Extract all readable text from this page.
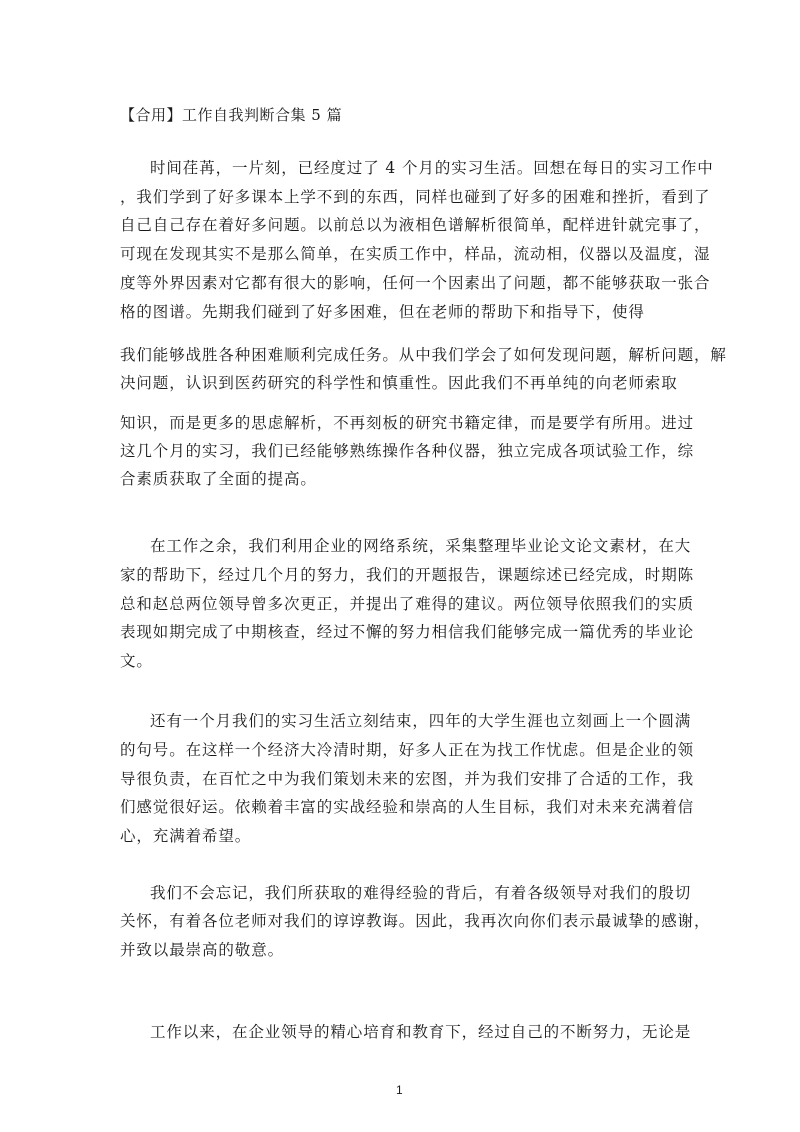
【合用】工作自我判断合集 5 篇
时间荏苒，一片刻，已经度过了 4 个月的实习生活。回想在每日的实习工作中
，我们学到了好多课本上学不到的东西，同样也碰到了好多的困难和挫折，看到了
自己自己存在着好多问题。以前总以为液相色谱解析很简单，配样进针就完事了，
可现在发现其实不是那么简单，在实质工作中，样品，流动相，仪器以及温度，湿
度等外界因素对它都有很大的影响，任何一个因素出了问题，都不能够获取一张合
格的图谱。先期我们碰到了好多困难，但在老师的帮助下和指导下，使得
我们能够战胜各种困难顺利完成任务。从中我们学会了如何发现问题，解析问题，解
决问题，认识到医药研究的科学性和慎重性。因此我们不再单纯的向老师索取
知识，而是更多的思虑解析，不再刻板的研究书籍定律，而是要学有所用。进过
这几个月的实习，我们已经能够熟练操作各种仪器，独立完成各项试验工作，综
合素质获取了全面的提高。
在工作之余，我们利用企业的网络系统，采集整理毕业论文论文素材，在大
家的帮助下，经过几个月的努力，我们的开题报告，课题综述已经完成，时期陈
总和赵总两位领导曾多次更正，并提出了难得的建议。两位领导依照我们的实质
表现如期完成了中期核查，经过不懈的努力相信我们能够完成一篇优秀的毕业论
文。
还有一个月我们的实习生活立刻结束，四年的大学生涯也立刻画上一个圆满
的句号。在这样一个经济大冷清时期，好多人正在为找工作忧虑。但是企业的领
导很负责，在百忙之中为我们策划未来的宏图，并为我们安排了合适的工作，我
们感觉很好运。依赖着丰富的实战经验和崇高的人生目标，我们对未来充满着信
心，充满着希望。
我们不会忘记，我们所获取的难得经验的背后，有着各级领导对我们的殷切
关怀，有着各位老师对我们的谆谆教诲。因此，我再次向你们表示最诚挚的感谢，
并致以最崇高的敬意。
工作以来，在企业领导的精心培育和教育下，经过自己的不断努力，无论是
1
